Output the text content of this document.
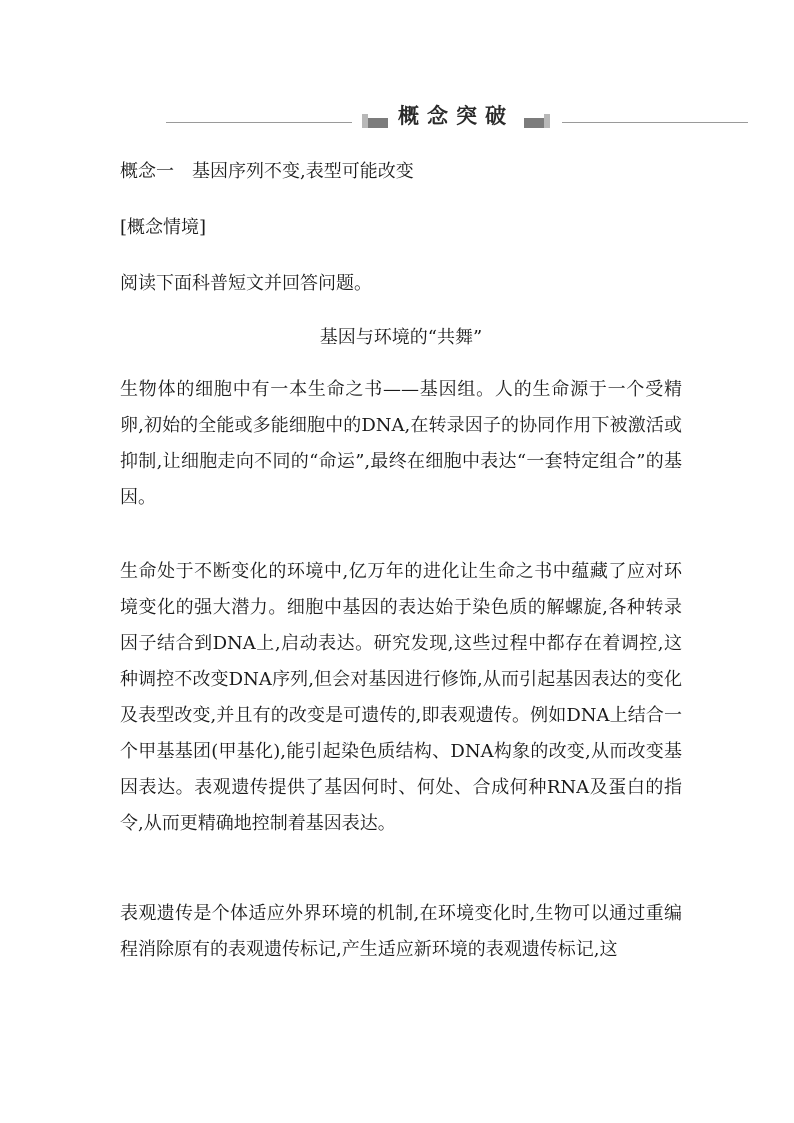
概念突破
概念一　基因序列不变,表型可能改变
[概念情境]
阅读下面科普短文并回答问题。
基因与环境的“共舞”

生物体的细胞中有一本生命之书——基因组。人的生命源于一个受精卵,初始的全能或多能细胞中的DNA,在转录因子的协同作用下被激活或抑制,让细胞走向不同的“命运”,最终在细胞中表达“一套特定组合”的基因。

生命处于不断变化的环境中,亿万年的进化让生命之书中蕴藏了应对环境变化的强大潜力。细胞中基因的表达始于染色质的解螺旋,各种转录因子结合到DNA上,启动表达。研究发现,这些过程中都存在着调控,这种调控不改变DNA序列,但会对基因进行修饰,从而引起基因表达的变化及表型改变,并且有的改变是可遗传的,即表观遗传。例如DNA上结合一个甲基基团(甲基化),能引起染色质结构、DNA构象的改变,从而改变基因表达。表观遗传提供了基因何时、何处、合成何种RNA及蛋白的指令,从而更精确地控制着基因表达。

表观遗传是个体适应外界环境的机制,在环境变化时,生物可以通过重编程消除原有的表观遗传标记,产生适应新环境的表观遗传标记,这
